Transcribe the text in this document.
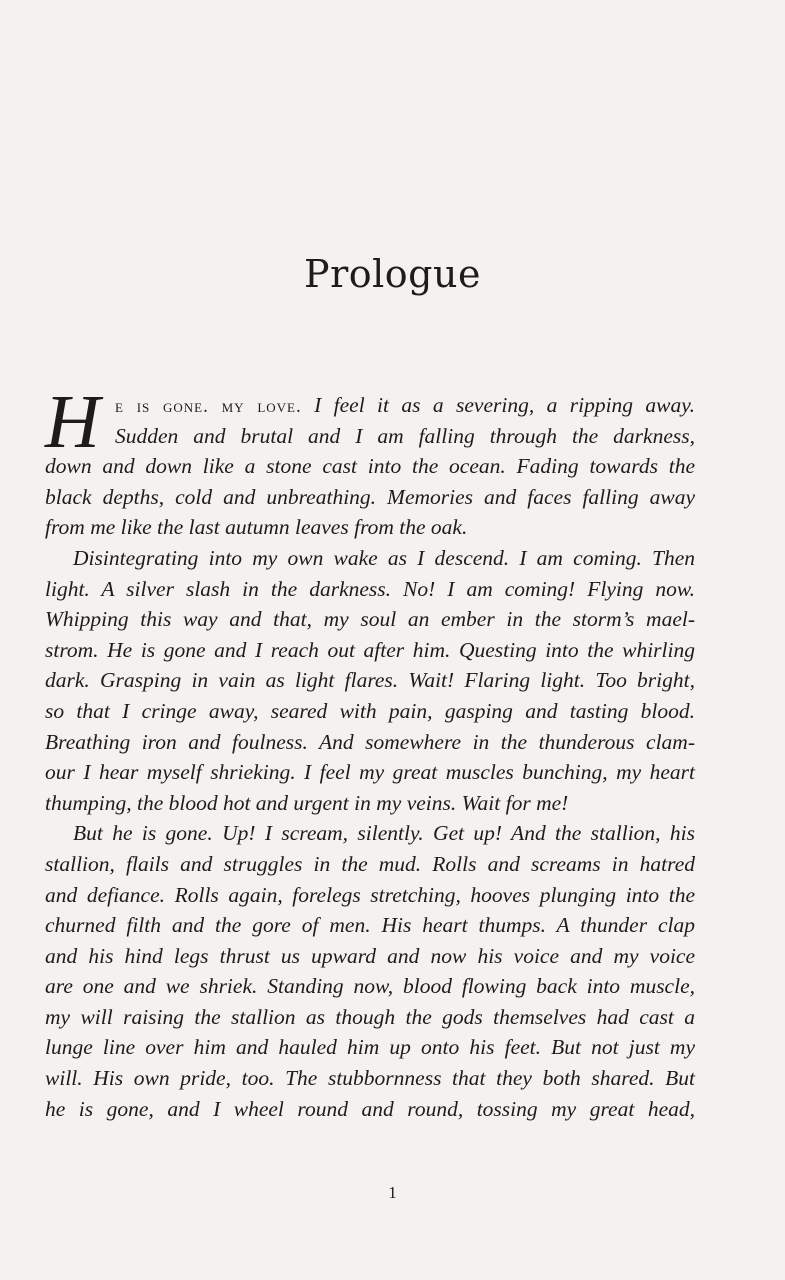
Prologue
H e is gone. my love. I feel it as a severing, a ripping away.
Sudden and brutal and I am falling through the darkness,
down and down like a stone cast into the ocean. Fading towards the
black depths, cold and unbreathing. Memories and faces falling away
from me like the last autumn leaves from the oak.
Disintegrating into my own wake as I descend. I am coming. Then
light. A silver slash in the darkness. No! I am coming! Flying now.
Whipping this way and that, my soul an ember in the storm’s mael-
strom. He is gone and I reach out after him. Questing into the whirling
dark. Grasping in vain as light flares. Wait! Flaring light. Too bright,
so that I cringe away, seared with pain, gasping and tasting blood.
Breathing iron and foulness. And somewhere in the thunderous clam-
our I hear myself shrieking. I feel my great muscles bunching, my heart
thumping, the blood hot and urgent in my veins. Wait for me!
But he is gone. Up! I scream, silently. Get up! And the stallion, his
stallion, flails and struggles in the mud. Rolls and screams in hatred
and defiance. Rolls again, forelegs stretching, hooves plunging into the
churned filth and the gore of men. His heart thumps. A thunder clap
and his hind legs thrust us upward and now his voice and my voice
are one and we shriek. Standing now, blood flowing back into muscle,
my will raising the stallion as though the gods themselves had cast a
lunge line over him and hauled him up onto his feet. But not just my
will. His own pride, too. The stubbornness that they both shared. But
he is gone, and I wheel round and round, tossing my great head,
1
